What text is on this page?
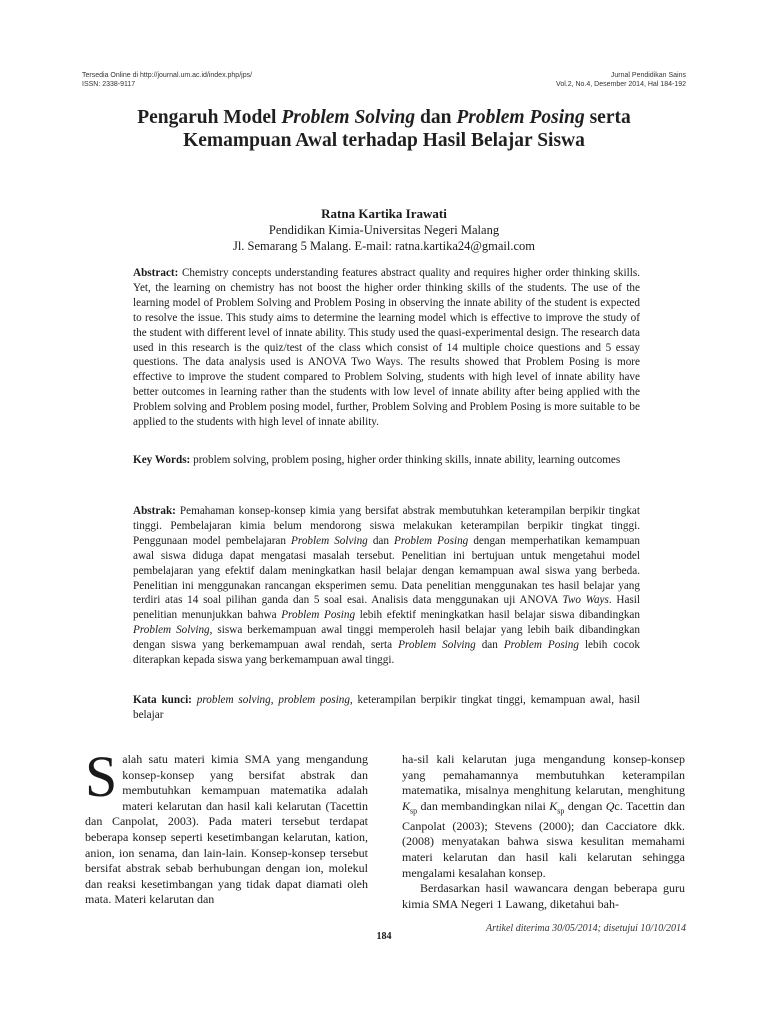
Tersedia Online di http://journal.um.ac.id/index.php/jps/
ISSN: 2338-9117
Jurnal Pendidikan Sains
Vol.2, No.4, Desember 2014, Hal 184-192
Pengaruh Model Problem Solving dan Problem Posing serta
Kemampuan Awal terhadap Hasil Belajar Siswa
Ratna Kartika Irawati
Pendidikan Kimia-Universitas Negeri Malang
Jl. Semarang 5 Malang. E-mail: ratna.kartika24@gmail.com
Abstract: Chemistry concepts understanding features abstract quality and requires higher order thinking skills. Yet, the learning on chemistry has not boost the higher order thinking skills of the students. The use of the learning model of Problem Solving and Problem Posing in observing the innate ability of the student is expected to resolve the issue. This study aims to determine the learning model which is effective to improve the study of the student with different level of innate ability. This study used the quasi-experimental design. The research data used in this research is the quiz/test of the class which consist of 14 multiple choice questions and 5 essay questions. The data analysis used is ANOVA Two Ways. The results showed that Problem Posing is more effective to improve the student compared to Problem Solving, students with high level of innate ability have better outcomes in learning rather than the students with low level of innate ability after being applied with the Problem solving and Problem posing model, further, Problem Solving and Problem Posing is more suitable to be applied to the students with high level of innate ability.
Key Words: problem solving, problem posing, higher order thinking skills, innate ability, learning outcomes
Abstrak: Pemahaman konsep-konsep kimia yang bersifat abstrak membutuhkan keterampilan berpikir tingkat tinggi. Pembelajaran kimia belum mendorong siswa melakukan keterampilan berpikir tingkat tinggi. Penggunaan model pembelajaran Problem Solving dan Problem Posing dengan memperhatikan kemampuan awal siswa diduga dapat mengatasi masalah tersebut. Penelitian ini bertujuan untuk mengetahui model pembelajaran yang efektif dalam meningkatkan hasil belajar dengan kemampuan awal siswa yang berbeda. Penelitian ini menggunakan rancangan eksperimen semu. Data penelitian menggunakan tes hasil belajar yang terdiri atas 14 soal pilihan ganda dan 5 soal esai. Analisis data menggunakan uji ANOVA Two Ways. Hasil penelitian menunjukkan bahwa Problem Posing lebih efektif meningkatkan hasil belajar siswa dibandingkan Problem Solving, siswa berkemampuan awal tinggi memperoleh hasil belajar yang lebih baik dibandingkan dengan siswa yang berkemampuan awal rendah, serta Problem Solving dan Problem Posing lebih cocok diterapkan kepada siswa yang berkemampuan awal tinggi.
Kata kunci: problem solving, problem posing, keterampilan berpikir tingkat tinggi, kemampuan awal, hasil belajar
Salah satu materi kimia SMA yang mengandung konsep-konsep yang bersifat abstrak dan membutuhkan kemampuan matematika adalah materi kelarutan dan hasil kali kelarutan (Tacettin dan Canpolat, 2003). Pada materi tersebut terdapat beberapa konsep seperti kesetimbangan kelarutan, kation, anion, ion senama, dan lain-lain. Konsep-konsep tersebut bersifat abstrak sebab berhubungan dengan ion, molekul dan reaksi kesetimbangan yang tidak dapat diamati oleh mata. Materi kelarutan dan
ha-sil kali kelarutan juga mengandung konsep-konsep yang pemahamannya membutuhkan keterampilan matematika, misalnya menghitung kelarutan, menghitung $K_{sp}$ dan membandingkan nilai $K_{sp}$ dengan Qc. Tacettin dan Canpolat (2003); Stevens (2000); dan Cacciatore dkk. (2008) menyatakan bahwa siswa kesulitan memahami materi kelarutan dan hasil kali kelarutan sehingga mengalami kesalahan konsep.
Berdasarkan hasil wawancara dengan beberapa guru kimia SMA Negeri 1 Lawang, diketahui bah-
Artikel diterima 30/05/2014; disetujui 10/10/2014
184
